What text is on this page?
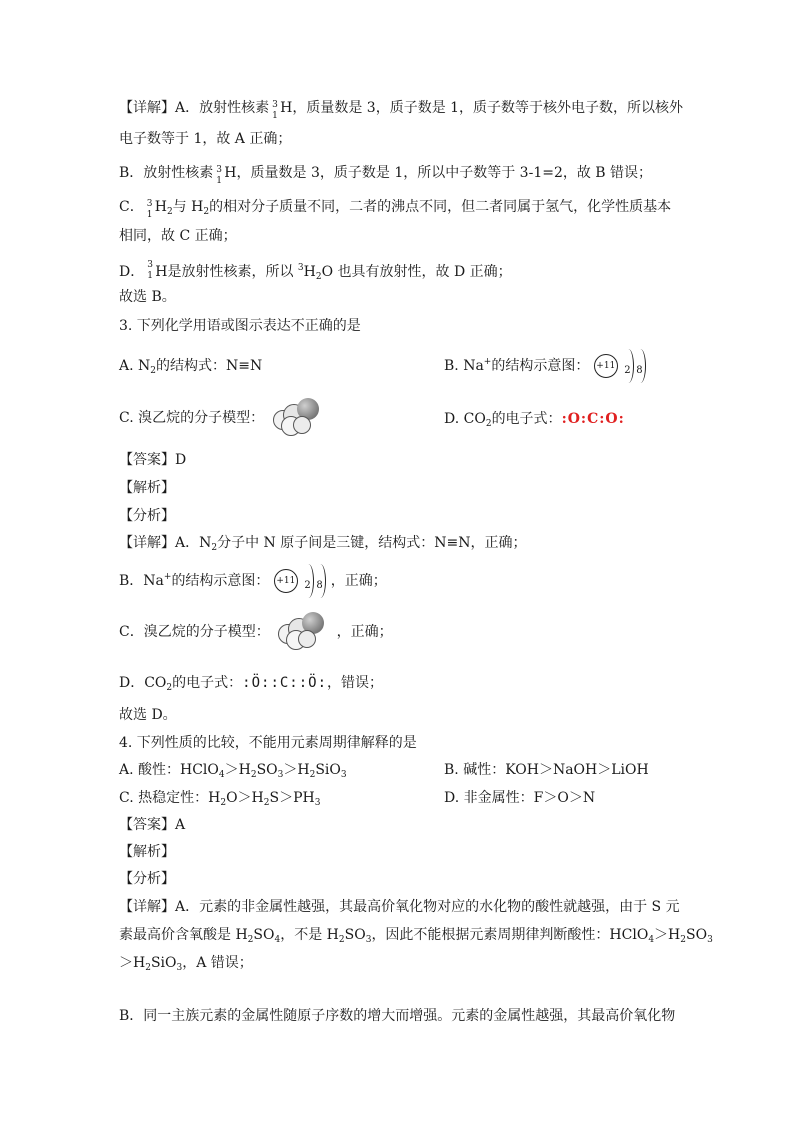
【详解】A．放射性核素 3
1 H，质量数是 3，质子数是 1，质子数等于核外电子数，所以核外
电子数等于 1，故 A 正确；
B．放射性核素 3
1 H，质量数是 3，质子数是 1，所以中子数等于 3-1=2，故 B 错误；
C． 3
1 $H_2$与 $H_2$的相对分子质量不同，二者的沸点不同，但二者同属于氢气，化学性质基本
相同，故 C 正确；
D． 3
1 H是放射性核素，所以 $^3H_2O$ 也具有放射性，故 D 正确；
故选 B。
3. 下列化学用语或图示表达不正确的是
A. $N_2$的结构式：N≡N	B. Na+的结构示意图： +11 2 8
C. 溴乙烷的分子模型：	D. $CO_2$的电子式：:O:C:O:
【答案】D
【解析】
【分析】
【详解】A．$N_2$分子中 N 原子间是三键，结构式：N≡N，正确；
B．Na+的结构示意图： +11 2 8 ，正确；
C．溴乙烷的分子模型：	，正确；
D．$CO_2$的电子式：:Ö::C::Ö:，错误；
故选 D。
4. 下列性质的比较，不能用元素周期律解释的是
A. 酸性：$HClO_4>H_2SO_3>H_2SiO_3$	B. 碱性：KOH＞NaOH＞LiOH
C. 热稳定性：$H_2O>H_2S>PH_3$	D. 非金属性：F＞O＞N
【答案】A
【解析】
【分析】
【详解】A．元素的非金属性越强，其最高价氧化物对应的水化物的酸性就越强，由于 S 元
素最高价含氧酸是 $H_2SO_4$，不是 $H_2SO_3$，因此不能根据元素周期律判断酸性：$HClO_4>H_2SO_3$
$>H_2SiO_3$，A 错误；
B．同一主族元素的金属性随原子序数的增大而增强。元素的金属性越强，其最高价氧化物
